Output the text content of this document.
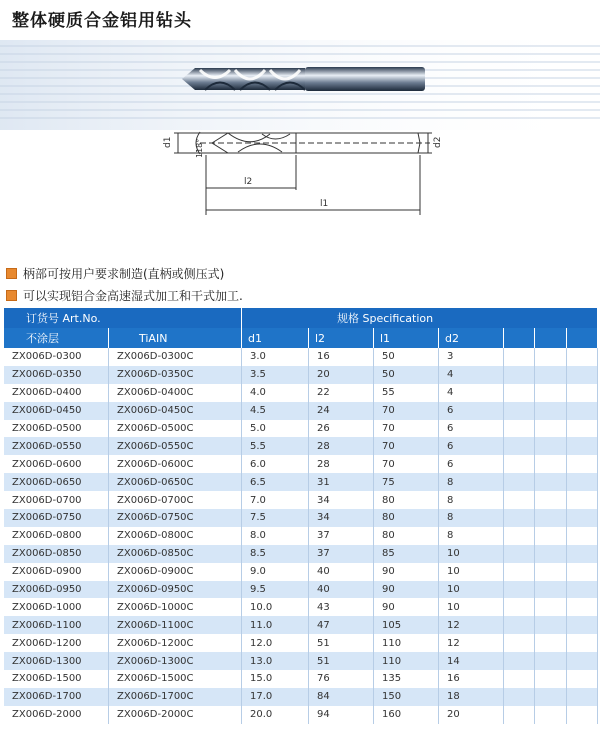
整体硬质合金铝用钻头
118°
d1	d2
l2
l1
柄部可按用户要求制造(直柄或侧压式)
可以实现铝合金高速湿式加工和干式加工.
订货号 Art.No.		规格 Specification						
不涂层	TiAIN	d1	l2	l1	d2			
ZX006D-0300	ZX006D-0300C	3.0	16	50	3			
ZX006D-0350	ZX006D-0350C	3.5	20	50	4			
ZX006D-0400	ZX006D-0400C	4.0	22	55	4			
ZX006D-0450	ZX006D-0450C	4.5	24	70	6			
ZX006D-0500	ZX006D-0500C	5.0	26	70	6			
ZX006D-0550	ZX006D-0550C	5.5	28	70	6			
ZX006D-0600	ZX006D-0600C	6.0	28	70	6			
ZX006D-0650	ZX006D-0650C	6.5	31	75	8			
ZX006D-0700	ZX006D-0700C	7.0	34	80	8			
ZX006D-0750	ZX006D-0750C	7.5	34	80	8			
ZX006D-0800	ZX006D-0800C	8.0	37	80	8			
ZX006D-0850	ZX006D-0850C	8.5	37	85	10			
ZX006D-0900	ZX006D-0900C	9.0	40	90	10			
ZX006D-0950	ZX006D-0950C	9.5	40	90	10			
ZX006D-1000	ZX006D-1000C	10.0	43	90	10			
ZX006D-1100	ZX006D-1100C	11.0	47	105	12			
ZX006D-1200	ZX006D-1200C	12.0	51	110	12			
ZX006D-1300	ZX006D-1300C	13.0	51	110	14			
ZX006D-1500	ZX006D-1500C	15.0	76	135	16			
ZX006D-1700	ZX006D-1700C	17.0	84	150	18			
ZX006D-2000	ZX006D-2000C	20.0	94	160	20			
